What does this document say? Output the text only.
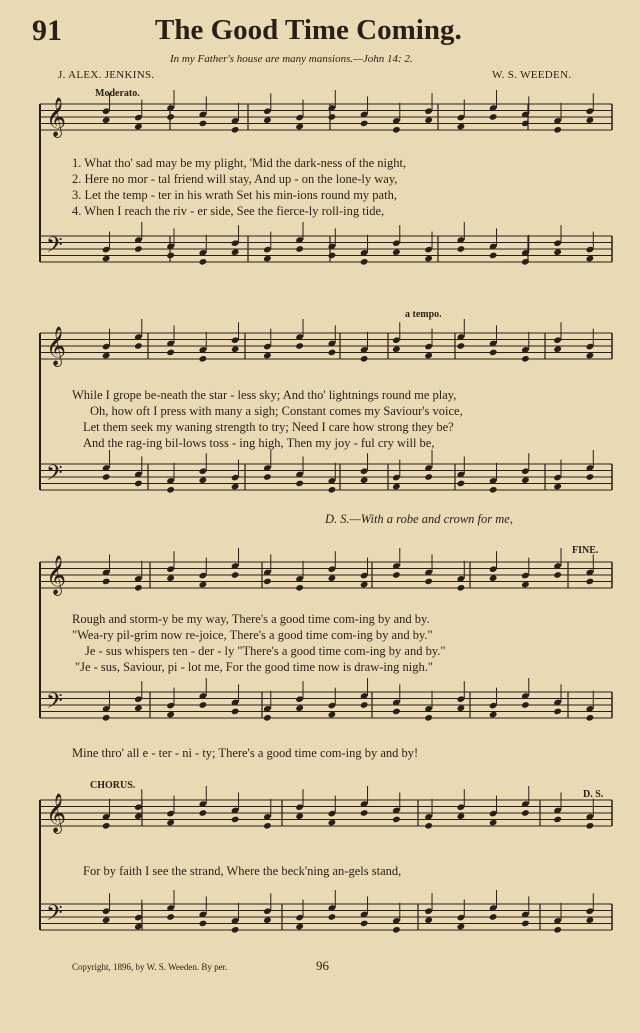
91	The Good Time Coming.
In my Father's house are many mansions.—John 14: 2.
J. ALEX. JENKINS.	W. S. WEEDEN.
𝄞
𝄢
𝄞
𝄢
𝄞
𝄢
𝄞
𝄢
Moderato.
a tempo.
FINE.
CHORUS.
D. S.
1. What tho' sad may be my plight, 'Mid the dark-ness of the night,
2. Here no mor - tal friend will stay, And up - on the lone-ly way,
3. Let the temp - ter in his wrath Set his min-ions round my path,
4. When I reach the riv - er side, See the fierce-ly roll-ing tide,
While I grope be-neath the star - less sky; And tho' lightnings round me play,
Oh, how oft I press with many a sigh; Constant comes my Saviour's voice,
Let them seek my waning strength to try; Need I care how strong they be?
And the rag-ing bil-lows toss - ing high, Then my joy - ful cry will be,
D. S.—With a robe and crown for me,
Rough and storm-y be my way, There's a good time com-ing by and by.
"Wea-ry pil-grim now re-joice, There's a good time com-ing by and by."
Je - sus whispers ten - der - ly "There's a good time com-ing by and by."
"Je - sus, Saviour, pi - lot me, For the good time now is draw-ing nigh."
Mine thro' all e - ter - ni - ty; There's a good time com-ing by and by!
For by faith I see the strand, Where the beck'ning an-gels stand,
Copyright, 1896, by W. S. Weeden. By per.	96
